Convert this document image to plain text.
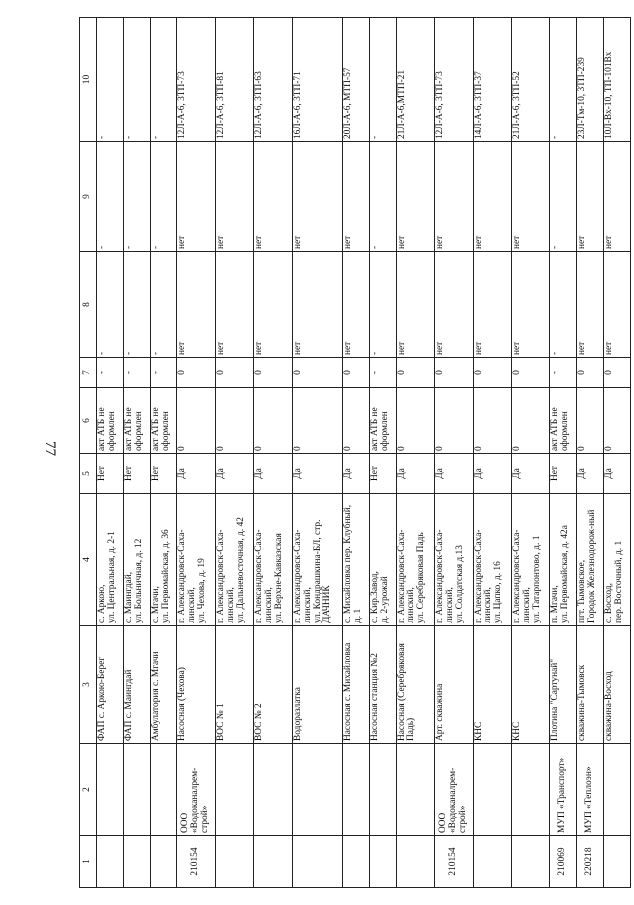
77
1	2	3	4	5	6	7	8	9	10
		ФАП с. Аркою-Берег	с. Аркою,
ул. Центральная, д. 2-1	Нет	акт АТБ не оформлен	-	-	-	-
		ФАП с. Маингдай	с. Маингдай,
ул. Больничная, д. 12	Нет	акт АТБ не оформлен	-	-	-	-
		Амбулатория с. Мгачи	с. Мгачи,
ул. Первомайская, д. 36	Нет	акт АТБ не оформлен	-	-	-	-
210154	ООО «Водоканалрем-строй»	Насосная (Чехова)	г. Александровск-Саха-линский,
ул. Чехова, д. 19	Да	0	0	нет	нет	12Л-А-6, 3ТП-73
		ВОС № 1	г. Александровск-Саха-линский,
ул. Дальневосточная, д. 42	Да	0	0	нет	нет	12Л-А-6, 3ТП-81
		ВОС № 2	г. Александровск-Саха-линский,
ул. Верхне-Кавказская	Да	0	0	нет	нет	12Л-А-6, 3ТП-63
		Водоразлатка	г. Александровск-Саха-линский,
ул. Кондрашкина-БЛ, стр. ДАЧНИК	Да	0	0	нет	нет	16Л-А-6, 3ТП-71
		Насосная с. Михайловка	с. Михайловка пер. Клубный, д. 1	Да	0	0	нет	нет	20Л-А-6, МТП-57
		Насосная станция №2	с. Кир.Завод,
д. 2-урожай	Нет	акт АТБ не оформлен	-	-	-	-
		Насосная (Серебряковая Падь)	г. Александровск-Саха-линский,
ул. Серебряковая Падь	Да	0	0	нет	нет	21Л-А-6,МТП-21
210154	ООО «Водоканалрем-строй»	Арт. скважина	г. Александровск-Саха-линский,
ул. Солдатская д.13	Да	0	0	нет	нет	12Л-А-6, 3ТП-73
		КНС	г. Александровск-Саха-линский,
ул. Цапко, д. 16	Да	0	0	нет	нет	14Л-А-6, 3ТП-37
		КНС	г. Александровск-Саха-линский,
ул. Татарпонтово, д. 1	Да	0	0	нет	нет	21Л-А-6, 3ТП-52
210069	МУП «Транспорт»	Плотина "Сартунай"	п. Мгачи,
ул. Первомайская, д. 42а	Нет	акт АТБ не оформлен	-	-	-	-
220218	МУП «Теплоэн»	скважина-Тымовск	пгт. Тымовское,
Городок Железнодорож-ный	Да	0	0	нет	нет	23Л-Тм-10, 3ТП-239
		скважина-Восход	с. Восход,
пер. Восточный, д. 1	Да	0	0	нет	нет	10Л-Вх-10, ТП-101Вх
